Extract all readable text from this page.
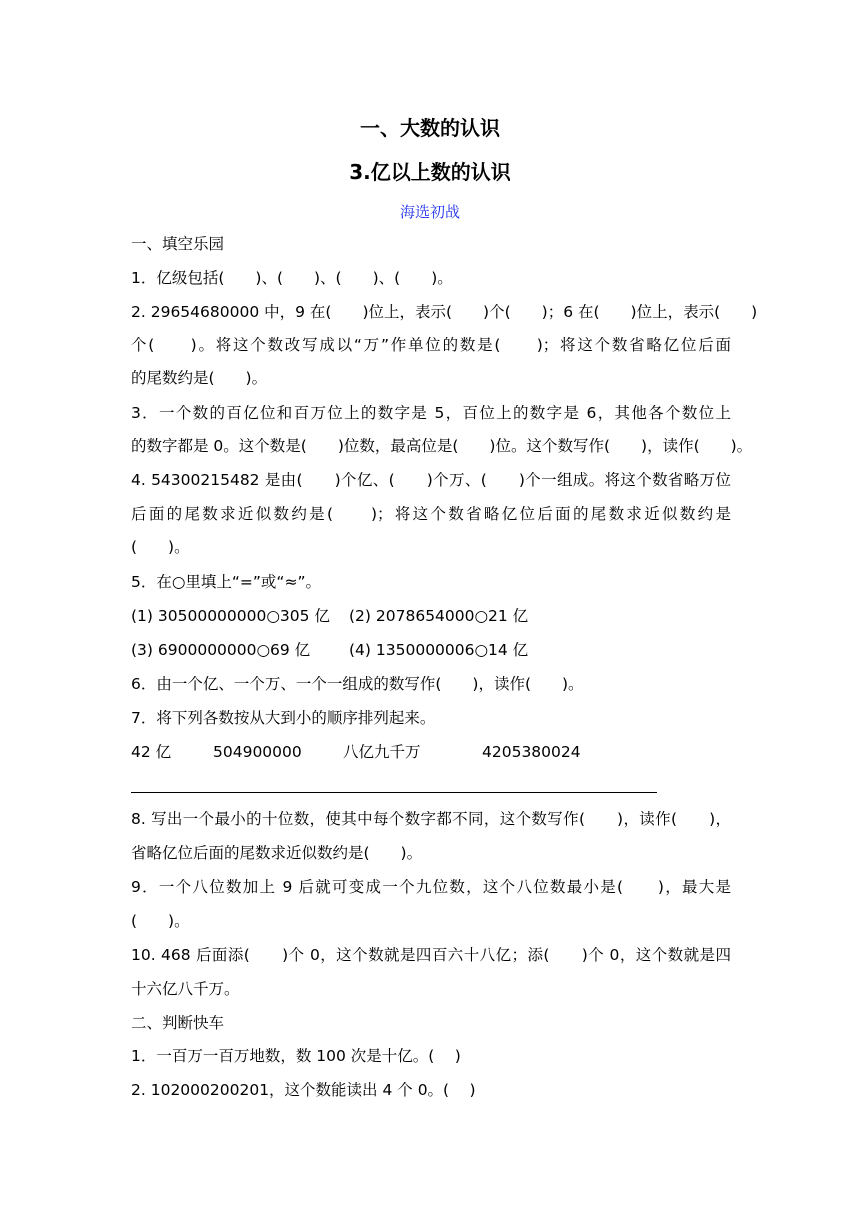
一、大数的认识
3.亿以上数的认识
海选初战
一、填空乐园
1．亿级包括(　　)、(　　)、(　　)、(　　)。
2. 29654680000 中，9 在(　　)位上，表示(　　)个(　　)；6 在(　　)位上，表示(　　)
个(　　)。将这个数改写成以“万”作单位的数是(　　)；将这个数省略亿位后面
的尾数约是(　　)。
3．一个数的百亿位和百万位上的数字是 5，百位上的数字是 6，其他各个数位上
的数字都是 0。这个数是(　　)位数，最高位是(　　)位。这个数写作(　　)，读作(　　)。
4. 54300215482 是由(　　)个亿、(　　)个万、(　　)个一组成。将这个数省略万位
后面的尾数求近似数约是(　　)；将这个数省略亿位后面的尾数求近似数约是
(　　)。
5．在○里填上“=”或“≈”。
(1) 30500000000○305 亿 (2) 2078654000○21 亿
(3) 6900000000○69 亿	(4) 1350000006○14 亿
6．由一个亿、一个万、一个一组成的数写作(　　)，读作(　　)。
7．将下列各数按从大到小的顺序排列起来。
42 亿	504900000	八亿九千万	4205380024
8. 写出一个最小的十位数，使其中每个数字都不同，这个数写作(　　)，读作(　　)，
省略亿位后面的尾数求近似数约是(　　)。
9．一个八位数加上 9 后就可变成一个九位数，这个八位数最小是(　　)，最大是
(　　)。
10. 468 后面添(　　)个 0，这个数就是四百六十八亿；添(　　)个 0，这个数就是四
十六亿八千万。
二、判断快车
1．一百万一百万地数，数 100 次是十亿。(　 )
2. 102000200201，这个数能读出 4 个 0。(　 )
